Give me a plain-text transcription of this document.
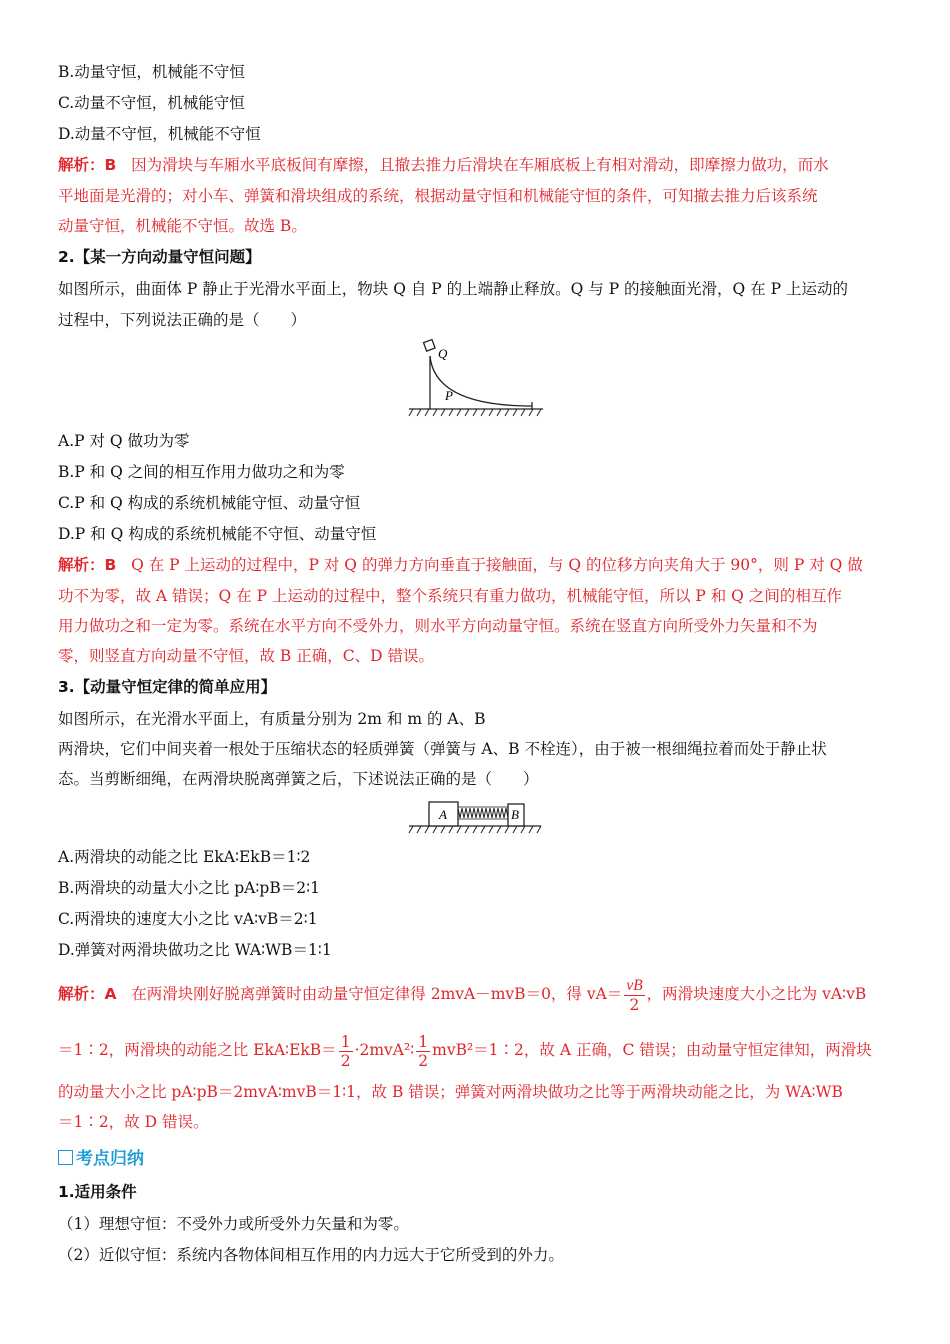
B.动量守恒，机械能不守恒
C.动量不守恒，机械能守恒
D.动量不守恒，机械能不守恒
解析：B 因为滑块与车厢水平底板间有摩擦，且撤去推力后滑块在车厢底板上有相对滑动，即摩擦力做功，而水
平地面是光滑的；对小车、弹簧和滑块组成的系统，根据动量守恒和机械能守恒的条件，可知撤去推力后该系统
动量守恒，机械能不守恒。故选 B。
2.【某一方向动量守恒问题】
如图所示，曲面体 P 静止于光滑水平面上，物块 Q 自 P 的上端静止释放。Q 与 P 的接触面光滑，Q 在 P 上运动的
过程中，下列说法正确的是（　　）
Q
P
A.P 对 Q 做功为零
B.P 和 Q 之间的相互作用力做功之和为零
C.P 和 Q 构成的系统机械能守恒、动量守恒
D.P 和 Q 构成的系统机械能不守恒、动量守恒
解析：B Q 在 P 上运动的过程中，P 对 Q 的弹力方向垂直于接触面，与 Q 的位移方向夹角大于 90°，则 P 对 Q 做
功不为零，故 A 错误；Q 在 P 上运动的过程中，整个系统只有重力做功，机械能守恒，所以 P 和 Q 之间的相互作
用力做功之和一定为零。系统在水平方向不受外力，则水平方向动量守恒。系统在竖直方向所受外力矢量和不为
零，则竖直方向动量不守恒，故 B 正确，C、D 错误。
3.【动量守恒定律的简单应用】
如图所示，在光滑水平面上，有质量分别为 2m 和 m 的 A、B
两滑块，它们中间夹着一根处于压缩状态的轻质弹簧（弹簧与 A、B 不栓连），由于被一根细绳拉着而处于静止状
态。当剪断细绳，在两滑块脱离弹簧之后，下述说法正确的是（　　）
A	B
A.两滑块的动能之比 EkA∶EkB＝1∶2
B.两滑块的动量大小之比 pA∶pB＝2∶1
C.两滑块的速度大小之比 vA∶vB＝2∶1
D.弹簧对两滑块做功之比 WA∶WB＝1∶1
解析：A 在两滑块刚好脱离弹簧时由动量守恒定律得 2mvA－mvB＝0，得 $vA= \frac{vB}{2}$ ，两滑块速度大小之比为 vA∶vB
＝1∶2，两滑块的动能之比 EkA∶EkB＝ $\frac{1}{2}$ ·2mvA²∶ $\frac{1}{2}$ mvB²＝1∶2，故 A 正确，C 错误；由动量守恒定律知，两滑块
的动量大小之比 pA∶pB＝2mvA∶mvB＝1∶1，故 B 错误；弹簧对两滑块做功之比等于两滑块动能之比，为 WA∶WB
＝1∶2，故 D 错误。
考点归纳
1.适用条件
（1）理想守恒：不受外力或所受外力矢量和为零。
（2）近似守恒：系统内各物体间相互作用的内力远大于它所受到的外力。
